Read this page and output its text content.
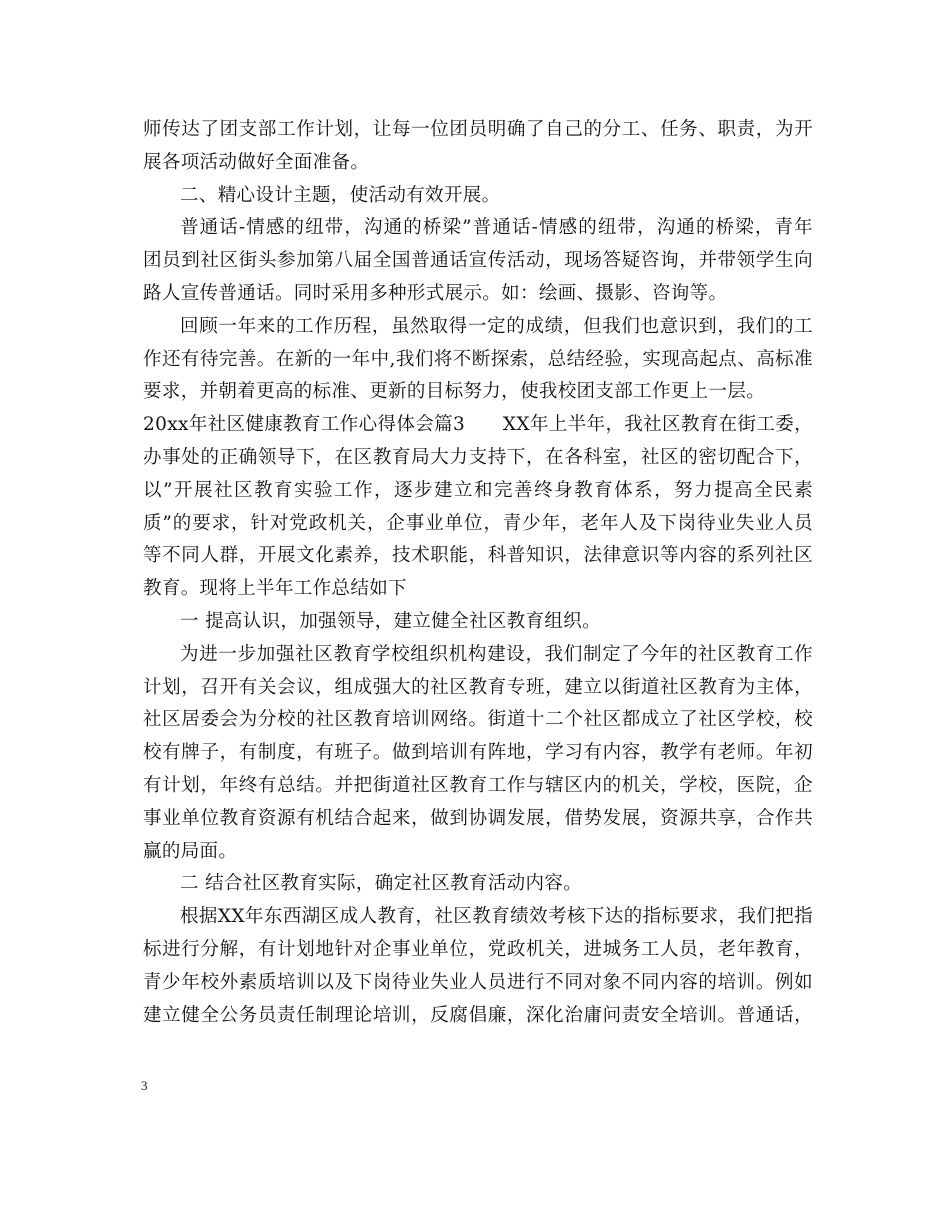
师传达了团支部工作计划，让每一位团员明确了自己的分工、任务、职责，为开
展各项活动做好全面准备。
二、精心设计主题，使活动有效开展。
普通话-情感的纽带，沟通的桥梁”普通话-情感的纽带，沟通的桥梁，青年
团员到社区街头参加第八届全国普通话宣传活动，现场答疑咨询，并带领学生向
路人宣传普通话。同时采用多种形式展示。如：绘画、摄影、咨询等。
回顾一年来的工作历程，虽然取得一定的成绩，但我们也意识到，我们的工
作还有待完善。在新的一年中,我们将不断探索，总结经验，实现高起点、高标准
要求，并朝着更高的标准、更新的目标努力，使我校团支部工作更上一层。
20xx年社区健康教育工作心得体会篇3　　XX年上半年，我社区教育在街工委，
办事处的正确领导下，在区教育局大力支持下，在各科室，社区的密切配合下，
以”开展社区教育实验工作，逐步建立和完善终身教育体系，努力提高全民素
质”的要求，针对党政机关，企事业单位，青少年，老年人及下岗待业失业人员
等不同人群，开展文化素养，技术职能，科普知识，法律意识等内容的系列社区
教育。现将上半年工作总结如下
一 提高认识，加强领导，建立健全社区教育组织。
为进一步加强社区教育学校组织机构建设，我们制定了今年的社区教育工作
计划，召开有关会议，组成强大的社区教育专班，建立以街道社区教育为主体，
社区居委会为分校的社区教育培训网络。街道十二个社区都成立了社区学校，校
校有牌子，有制度，有班子。做到培训有阵地，学习有内容，教学有老师。年初
有计划，年终有总结。并把街道社区教育工作与辖区内的机关，学校，医院，企
事业单位教育资源有机结合起来，做到协调发展，借势发展，资源共享，合作共
赢的局面。
二 结合社区教育实际，确定社区教育活动内容。
根据XX年东西湖区成人教育，社区教育绩效考核下达的指标要求，我们把指
标进行分解，有计划地针对企事业单位，党政机关，进城务工人员，老年教育，
青少年校外素质培训以及下岗待业失业人员进行不同对象不同内容的培训。例如
建立健全公务员责任制理论培训，反腐倡廉，深化治庸问责安全培训。普通话，
3
